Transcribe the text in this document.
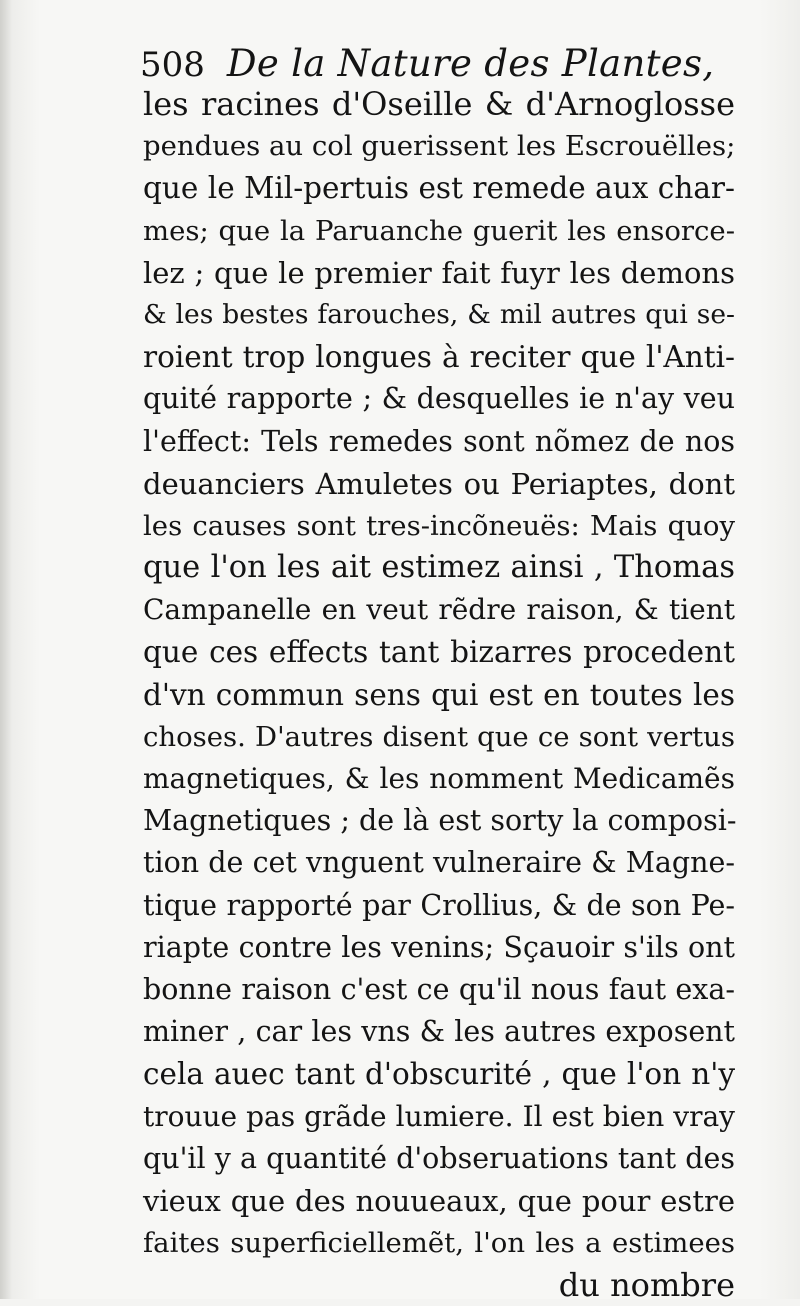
508 De la Nature des Plantes,
les racines d'Oseille & d'Arnoglosse
pendues au col guerissent les Escrouëlles;
que le Mil-pertuis est remede aux char-
mes; que la Paruanche guerit les ensorce-
lez ; que le premier fait fuyr les demons
& les bestes farouches, & mil autres qui se-
roient trop longues à reciter que l'Anti-
quité rapporte ; & desquelles ie n'ay veu
l'effect: Tels remedes sont nõmez de nos
deuanciers Amuletes ou Periaptes, dont
les causes sont tres-incõneuës: Mais quoy
que l'on les ait estimez ainsi , Thomas
Campanelle en veut rẽdre raison, & tient
que ces effects tant bizarres procedent
d'vn commun sens qui est en toutes les
choses. D'autres disent que ce sont vertus
magnetiques, & les nomment Medicamẽs
Magnetiques ; de là est sorty la composi-
tion de cet vnguent vulneraire & Magne-
tique rapporté par Crollius, & de son Pe-
riapte contre les venins; Sçauoir s'ils ont
bonne raison c'est ce qu'il nous faut exa-
miner , car les vns & les autres exposent
cela auec tant d'obscurité , que l'on n'y
trouue pas grãde lumiere. Il est bien vray
qu'il y a quantité d'obseruations tant des
vieux que des nouueaux, que pour estre
faites superficiellemẽt, l'on les a estimees
du nombre
